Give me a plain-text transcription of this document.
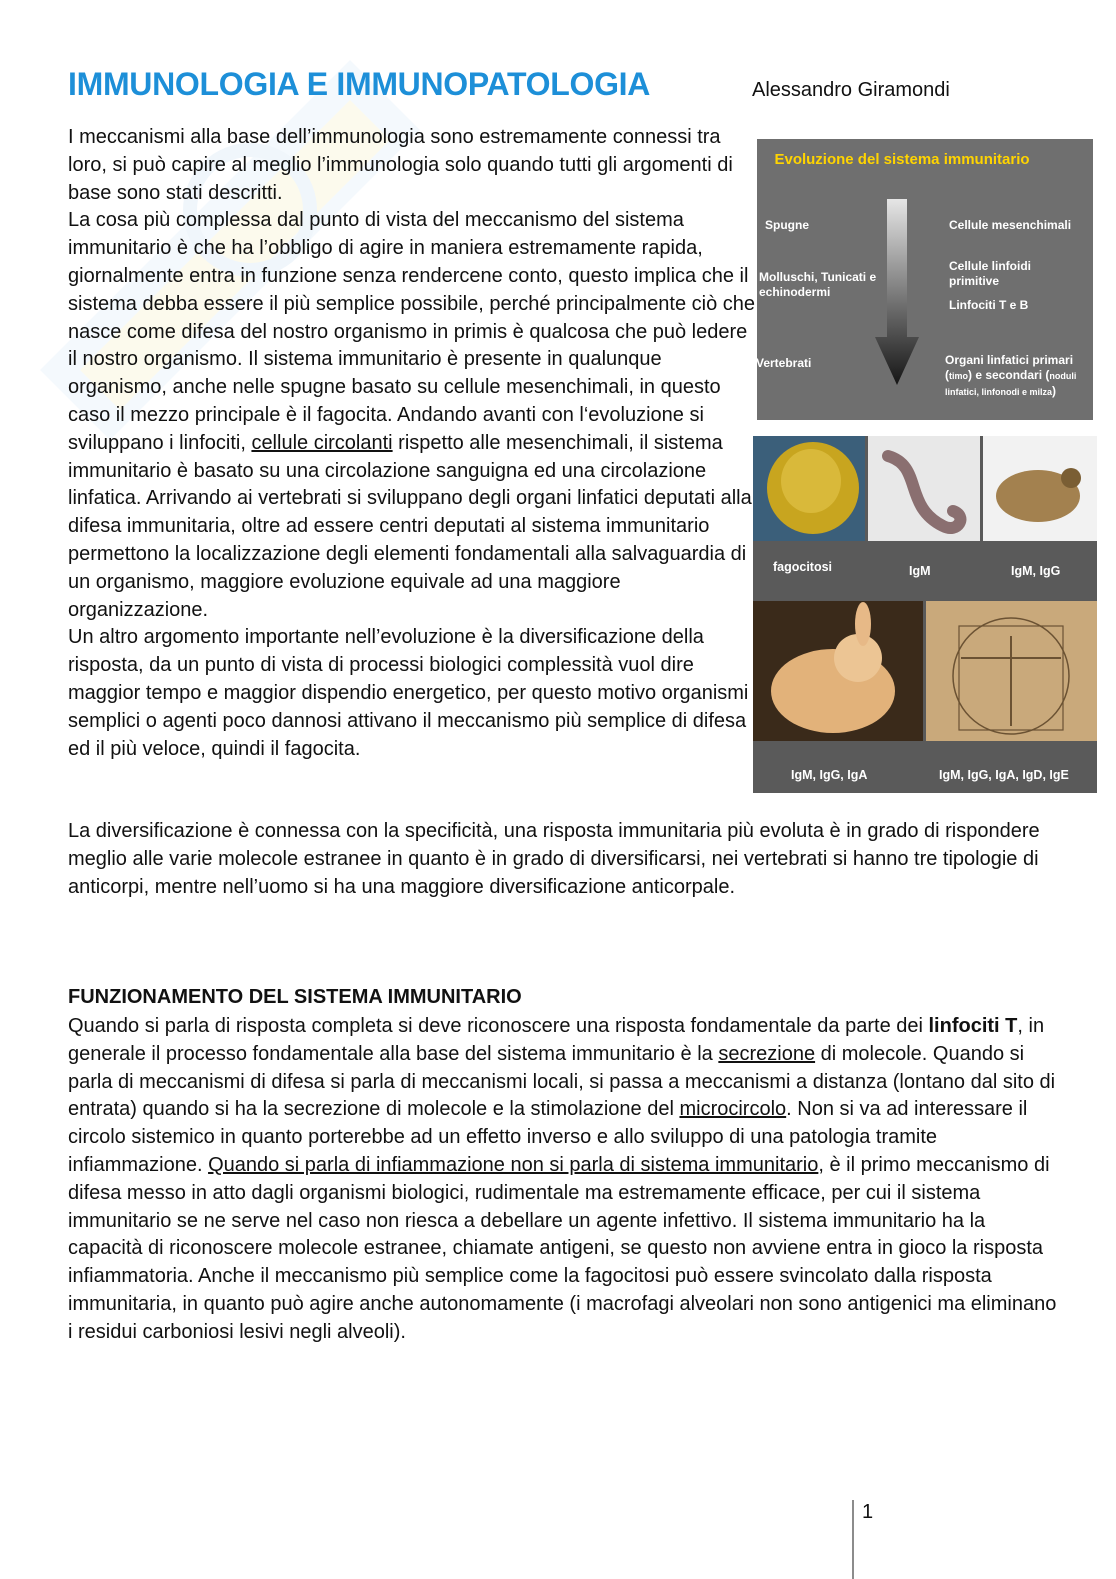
IMMUNOLOGIA E IMMUNOPATOLOGIA	Alessandro Giramondi

I meccanismi alla base dell’immunologia sono estremamente connessi tra loro, si può capire al meglio l’immunologia solo quando tutti gli argomenti di base sono stati descritti.

La cosa più complessa dal punto di vista del meccanismo del sistema immunitario è che ha l’obbligo di agire in maniera estremamente rapida, giornalmente entra in funzione senza rendercene conto, questo implica che il sistema debba essere il più semplice possibile, perché principalmente ciò che nasce come difesa del nostro organismo in primis è qualcosa che può ledere il nostro organismo. Il sistema immunitario è presente in qualunque organismo, anche nelle spugne basato su cellule mesenchimali, in questo caso il mezzo principale è il fagocita. Andando avanti con l‘evoluzione si sviluppano i linfociti, cellule circolanti rispetto alle mesenchimali, il sistema immunitario è basato su una circolazione sanguigna ed una circolazione linfatica. Arrivando ai vertebrati si sviluppano degli organi linfatici deputati alla difesa immunitaria, oltre ad essere centri deputati al sistema immunitario permettono la localizzazione degli elementi fondamentali alla salvaguardia di un organismo, maggiore evoluzione equivale ad una maggiore organizzazione.

Un altro argomento importante nell’evoluzione è la diversificazione della risposta, da un punto di vista di processi biologici complessità vuol dire maggior tempo e maggior dispendio energetico, per questo motivo organismi semplici o agenti poco dannosi attivano il meccanismo più semplice di difesa ed il più veloce, quindi il fagocita.

La diversificazione è connessa con la specificità, una risposta immunitaria più evoluta è in grado di rispondere meglio alle varie molecole estranee in quanto è in grado di diversificarsi, nei vertebrati si hanno tre tipologie di anticorpi, mentre nell’uomo si ha una maggiore diversificazione anticorpale.

Evoluzione del sistema immunitario
Spugne
Molluschi, Tunicati e echinodermi
Vertebrati
Cellule mesenchimali
Cellule linfoidi primitive
Linfociti T e B
Organi linfatici primari (timo) e secondari (noduli linfatici, linfonodi e milza)
fagocitosi	IgM	IgM, IgG
IgM, IgG, IgA	IgM, IgG, IgA, IgD, IgE
FUNZIONAMENTO DEL SISTEMA IMMUNITARIO

Quando si parla di risposta completa si deve riconoscere una risposta fondamentale da parte dei linfociti T, in generale il processo fondamentale alla base del sistema immunitario è la secrezione di molecole. Quando si parla di meccanismi di difesa si parla di meccanismi locali, si passa a meccanismi a distanza (lontano dal sito di entrata) quando si ha la secrezione di molecole e la stimolazione del microcircolo. Non si va ad interessare il circolo sistemico in quanto porterebbe ad un effetto inverso e allo sviluppo di una patologia tramite infiammazione. Quando si parla di infiammazione non si parla di sistema immunitario, è il primo meccanismo di difesa messo in atto dagli organismi biologici, rudimentale ma estremamente efficace, per cui il sistema immunitario se ne serve nel caso non riesca a debellare un agente infettivo. Il sistema immunitario ha la capacità di riconoscere molecole estranee, chiamate antigeni, se questo non avviene entra in gioco la risposta infiammatoria. Anche il meccanismo più semplice come la fagocitosi può essere svincolato dalla risposta immunitaria, in quanto può agire anche autonomamente (i macrofagi alveolari non sono antigenici ma eliminano i residui carboniosi lesivi negli alveoli).

1
